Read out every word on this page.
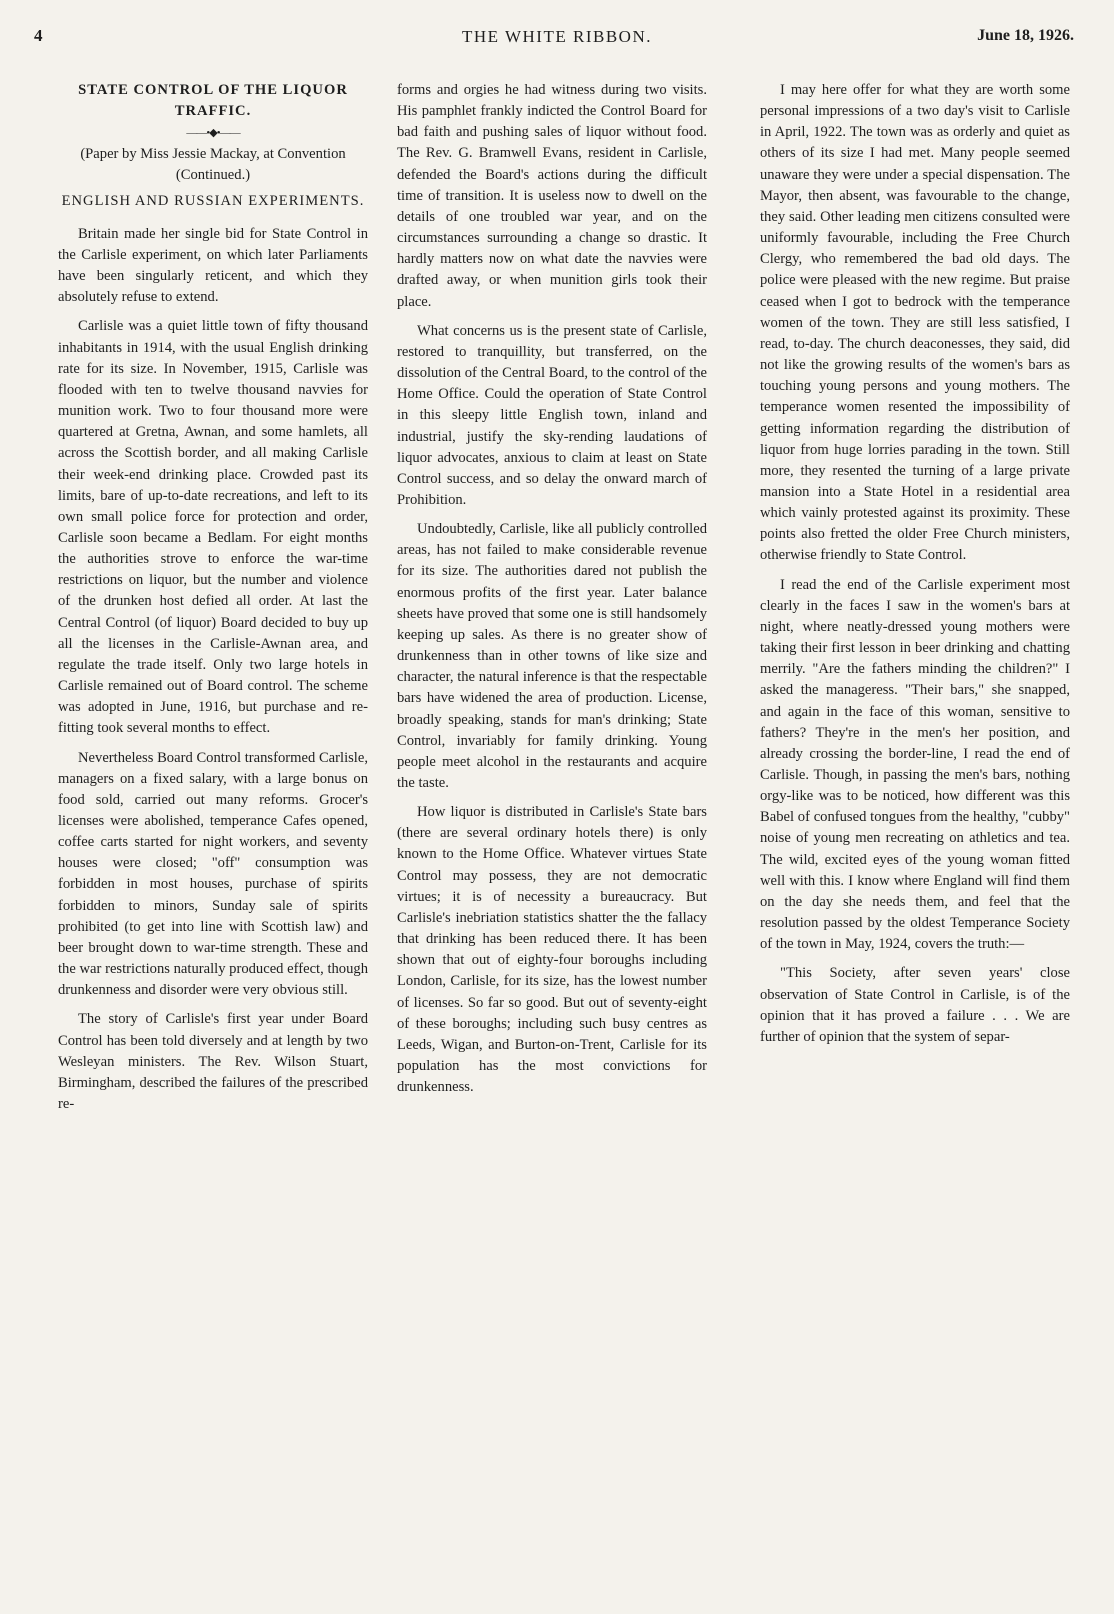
4	THE WHITE RIBBON.	June 18, 1926.
STATE CONTROL OF THE LIQUOR TRAFFIC.
——•◆•——
(Paper by Miss Jessie Mackay, at Convention (Continued.)
ENGLISH AND RUSSIAN EXPERIMENTS.

Britain made her single bid for State Control in the Carlisle experiment, on which later Parliaments have been singularly reticent, and which they absolutely refuse to extend.

Carlisle was a quiet little town of fifty thousand inhabitants in 1914, with the usual English drinking rate for its size. In November, 1915, Carlisle was flooded with ten to twelve thousand navvies for munition work. Two to four thousand more were quartered at Gretna, Awnan, and some hamlets, all across the Scottish border, and all making Carlisle their week-end drinking place. Crowded past its limits, bare of up-to-date recreations, and left to its own small police force for protection and order, Carlisle soon became a Bedlam. For eight months the authorities strove to enforce the war-time restrictions on liquor, but the number and violence of the drunken host defied all order. At last the Central Control (of liquor) Board decided to buy up all the licenses in the Carlisle-Awnan area, and regulate the trade itself. Only two large hotels in Carlisle remained out of Board control. The scheme was adopted in June, 1916, but purchase and re-fitting took several months to effect.

Nevertheless Board Control transformed Carlisle, managers on a fixed salary, with a large bonus on food sold, carried out many reforms. Grocer's licenses were abolished, temperance Cafes opened, coffee carts started for night workers, and seventy houses were closed; "off" consumption was forbidden in most houses, purchase of spirits forbidden to minors, Sunday sale of spirits prohibited (to get into line with Scottish law) and beer brought down to war-time strength. These and the war restrictions naturally produced effect, though drunkenness and disorder were very obvious still.

The story of Carlisle's first year under Board Control has been told diversely and at length by two Wesleyan ministers. The Rev. Wilson Stuart, Birmingham, described the failures of the prescribed re-

forms and orgies he had witness during two visits. His pamphlet frankly indicted the Control Board for bad faith and pushing sales of liquor without food. The Rev. G. Bramwell Evans, resident in Carlisle, defended the Board's actions during the difficult time of transition. It is useless now to dwell on the details of one troubled war year, and on the circumstances surrounding a change so drastic. It hardly matters now on what date the navvies were drafted away, or when munition girls took their place.

What concerns us is the present state of Carlisle, restored to tranquillity, but transferred, on the dissolution of the Central Board, to the control of the Home Office. Could the operation of State Control in this sleepy little English town, inland and industrial, justify the sky-rending laudations of liquor advocates, anxious to claim at least on State Control success, and so delay the onward march of Prohibition.

Undoubtedly, Carlisle, like all publicly controlled areas, has not failed to make considerable revenue for its size. The authorities dared not publish the enormous profits of the first year. Later balance sheets have proved that some one is still handsomely keeping up sales. As there is no greater show of drunkenness than in other towns of like size and character, the natural inference is that the respectable bars have widened the area of production. License, broadly speaking, stands for man's drinking; State Control, invariably for family drinking. Young people meet alcohol in the restaurants and acquire the taste.

How liquor is distributed in Carlisle's State bars (there are several ordinary hotels there) is only known to the Home Office. Whatever virtues State Control may possess, they are not democratic virtues; it is of necessity a bureaucracy. But Carlisle's inebriation statistics shatter the the fallacy that drinking has been reduced there. It has been shown that out of eighty-four boroughs including London, Carlisle, for its size, has the lowest number of licenses. So far so good. But out of seventy-eight of these boroughs; including such busy centres as Leeds, Wigan, and Burton-on-Trent, Carlisle for its population has the most convictions for drunkenness.

I may here offer for what they are worth some personal impressions of a two day's visit to Carlisle in April, 1922. The town was as orderly and quiet as others of its size I had met. Many people seemed unaware they were under a special dispensation. The Mayor, then absent, was favourable to the change, they said. Other leading men citizens consulted were uniformly favourable, including the Free Church Clergy, who remembered the bad old days. The police were pleased with the new regime. But praise ceased when I got to bedrock with the temperance women of the town. They are still less satisfied, I read, to-day. The church deaconesses, they said, did not like the growing results of the women's bars as touching young persons and young mothers. The temperance women resented the impossibility of getting information regarding the distribution of liquor from huge lorries parading in the town. Still more, they resented the turning of a large private mansion into a State Hotel in a residential area which vainly protested against its proximity. These points also fretted the older Free Church ministers, otherwise friendly to State Control.

I read the end of the Carlisle experiment most clearly in the faces I saw in the women's bars at night, where neatly-dressed young mothers were taking their first lesson in beer drinking and chatting merrily. "Are the fathers minding the children?" I asked the manageress. "Their bars," she snapped, and again in the face of this woman, sensitive to fathers? They're in the men's her position, and already crossing the border-line, I read the end of Carlisle. Though, in passing the men's bars, nothing orgy-like was to be noticed, how different was this Babel of confused tongues from the healthy, "cubby" noise of young men recreating on athletics and tea. The wild, excited eyes of the young woman fitted well with this. I know where England will find them on the day she needs them, and feel that the resolution passed by the oldest Temperance Society of the town in May, 1924, covers the truth:—

"This Society, after seven years' close observation of State Control in Carlisle, is of the opinion that it has proved a failure . . . We are further of opinion that the system of separ-
